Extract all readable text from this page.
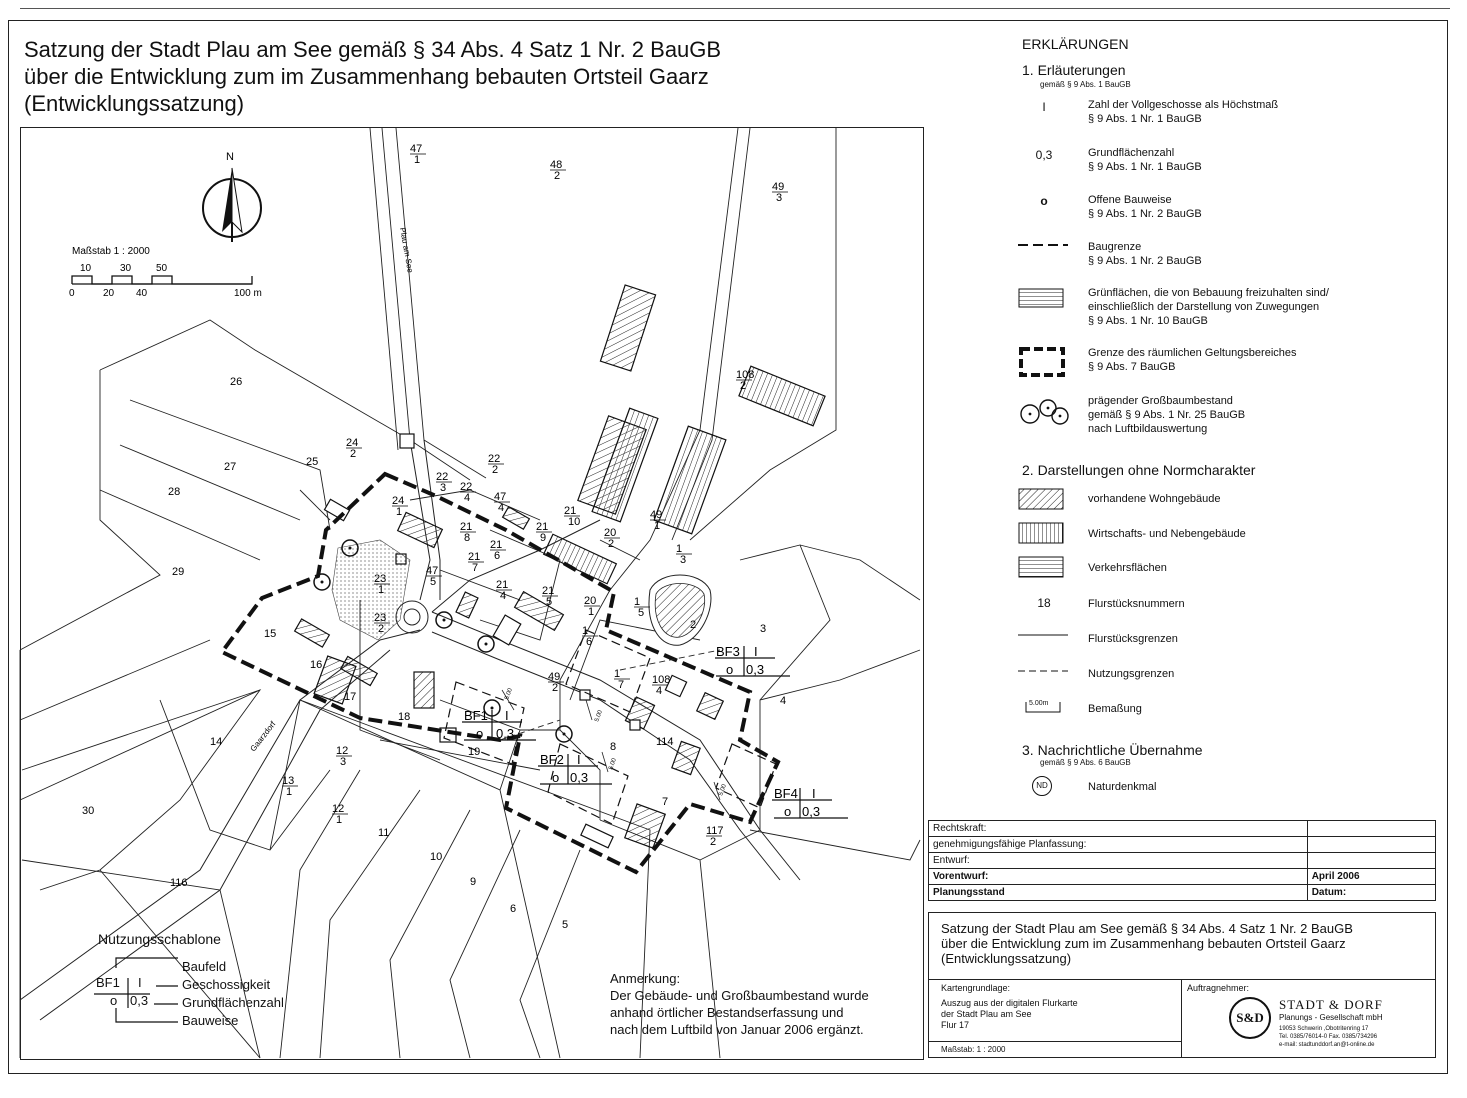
Satzung der Stadt Plau am See gemäß § 34 Abs. 4 Satz 1 Nr. 2 BauGB
über die Entwicklung zum im Zusammenhang bebauten Ortsteil Gaarz
(Entwicklungssatzung)
N
Maßstab 1 : 2000
10	30 50
0	20 40	100 m
5.00
5.00
5.00
5.00
BF1 I
o 0,3
BF2 I
o 0,3
BF3 I
o 0,3
BF4 I
o 0,3
Plau am See
Gaarzdorf
26
27
28
29
30
14
15
16
17
18
19
11
10
9
6
5
7
3
4
2
25
116
114
8
47 1	48 2
49 3
108 2
24 2	22 2
22 3 22 4 47 4
24 1
21 8
21 10
21 9	20 2
49 1
1 3
21 6
21 7
21 4	21 5	20 1
1 5
1 6
23 1
47 5
23 2
49 2
1 7	108 4
12 3
13 1
12 1
117 2
Nutzungsschablone
BF1 I
o 0,3
Baufeld
Geschossigkeit
Grundflächenzahl
Bauweise
Anmerkung:
Der Gebäude- und Großbaumbestand wurde
anhand örtlicher Bestandserfassung und
nach dem Luftbild von Januar 2006 ergänzt.
ERKLÄRUNGEN
1. Erläuterungen
gemäß § 9 Abs. 1 BauGB
I	Zahl der Vollgeschosse als Höchstmaß
§ 9 Abs. 1 Nr. 1 BauGB
0,3	Grundflächenzahl
§ 9 Abs. 1 Nr. 1 BauGB
o	Offene Bauweise
§ 9 Abs. 1 Nr. 2 BauGB
Baugrenze
§ 9 Abs. 1 Nr. 2 BauGB
Grünflächen, die von Bebauung freizuhalten sind/
einschließlich der Darstellung von Zuwegungen
§ 9 Abs. 1 Nr. 10 BauGB
Grenze des räumlichen Geltungsbereiches
§ 9 Abs. 7 BauGB
prägender Großbaumbestand
gemäß § 9 Abs. 1 Nr. 25 BauGB
nach Luftbildauswertung
2. Darstellungen ohne Normcharakter
vorhandene Wohngebäude
Wirtschafts- und Nebengebäude
Verkehrsflächen
18	Flurstücksnummern
Flurstücksgrenzen
Nutzungsgrenzen
5.00m	Bemaßung
3. Nachrichtliche Übernahme
gemäß § 9 Abs. 6 BauGB
ND	Naturdenkmal
Rechtskraft:	
genehmigungsfähige Planfassung:	
Entwurf:	
Vorentwurf:	April 2006
Planungsstand	Datum:
Satzung der Stadt Plau am See gemäß § 34 Abs. 4 Satz 1 Nr. 2 BauGB
über die Entwicklung zum im Zusammenhang bebauten Ortsteil Gaarz
(Entwicklungssatzung)
Kartengrundlage:
Auszug aus der digitalen Flurkarte
der Stadt Plau am See
Flur 17
Maßstab: 1 : 2000
Auftragnehmer:
S&D
STADT & DORF
Planungs - Gesellschaft mbH
19053 Schwerin ,Obotritenring 17
Tel. 0385/76014-0 Fax. 0385/734296
e-mail: stadtunddorf.an@t-online.de
